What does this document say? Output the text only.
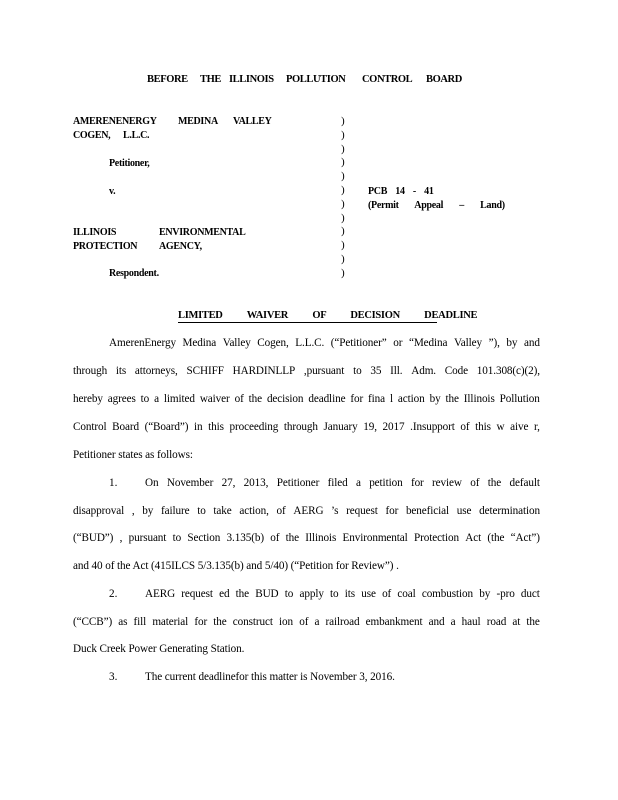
BEFORE THE ILLINOIS POLLUTION CONTROL BOARD
AMERENENERGY MEDINA VALLEY
COGEN, L.L.C.
Petitioner,
v.
ILLINOIS	ENVIRONMENTAL
PROTECTION AGENCY,
Respondent.
)
)
)
)
)
)
)
)
)
)
)
)
PCB 14 - 41
(Permit Appeal – Land)
LIMITED WAIVER OF DECISION DEADLINE
AmerenEnergy Medina Valley Cogen, L.L.C. (“Petitioner” or “Medina Valley ”), by and
through its attorneys, SCHIFF HARDINLLP ,pursuant to 35 Ill. Adm. Code 101.308(c)(2),
hereby agrees to a limited waiver of the decision deadline for fina l action by the Illinois Pollution
Control Board (“Board”) in this proceeding through January 19, 2017 .Insupport of this w aive r,
Petitioner states as follows:
1. On November 27, 2013, Petitioner filed a petition for review of the default
disapproval , by failure to take action, of AERG ’s request for beneficial use determination
(“BUD”) , pursuant to Section 3.135(b) of the Illinois Environmental Protection Act (the “Act”)
and 40 of the Act (415ILCS 5/3.135(b) and 5/40) (“Petition for Review”) .
2. AERG request ed the BUD to apply to its use of coal combustion by -pro duct
(“CCB”) as fill material for the construct ion of a railroad embankment and a haul road at the
Duck Creek Power Generating Station.
3. The current deadlinefor this matter is November 3, 2016.
